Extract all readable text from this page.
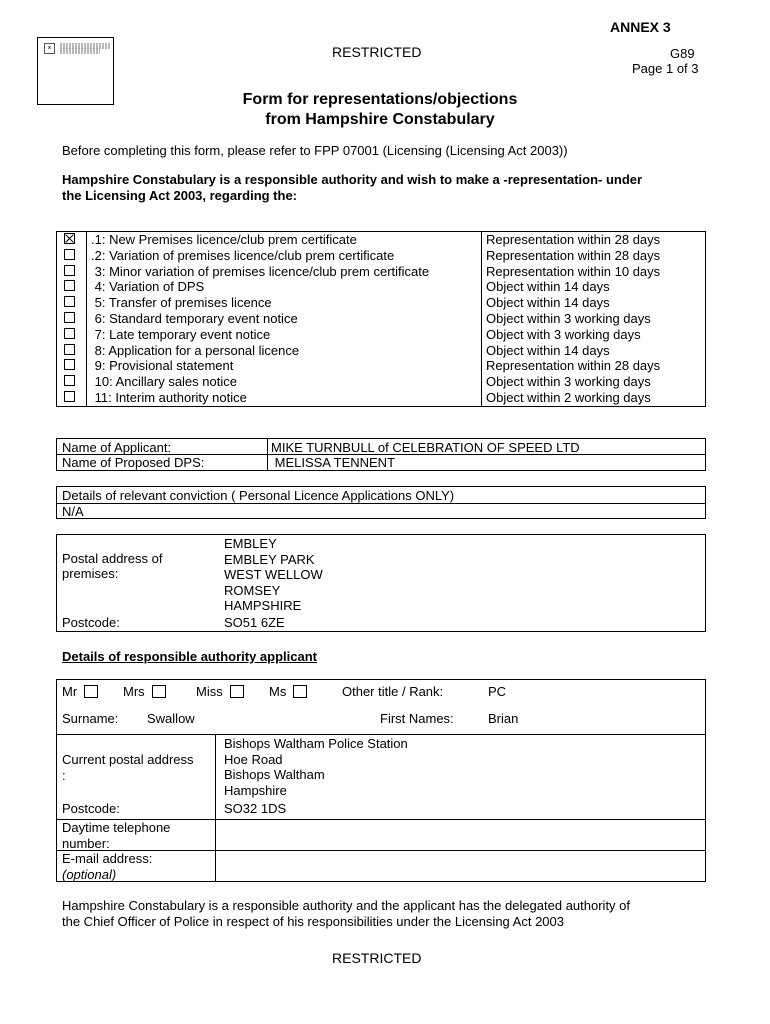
×
ANNEX 3
RESTRICTED	G89
Page 1 of 3
Form for representations/objections
from Hampshire Constabulary
Before completing this form, please refer to FPP 07001 (Licensing (Licensing Act 2003))
Hampshire Constabulary is a responsible authority and wish to make a -representation- under
the Licensing Act 2003, regarding the:
	.1: New Premises licence/club prem certificate	Representation within 28 days
	.2: Variation of premises licence/club prem certificate	Representation within 28 days
	3: Minor variation of premises licence/club prem certificate	Representation within 10 days
	4: Variation of DPS	Object within 14 days
	5: Transfer of premises licence	Object within 14 days
	6: Standard temporary event notice	Object within 3 working days
	7: Late temporary event notice	Object with 3 working days
	8: Application for a personal licence	Object within 14 days
	9: Provisional statement	Representation within 28 days
	10: Ancillary sales notice	Object within 3 working days
	11: Interim authority notice	Object within 2 working days
Name of Applicant:	MIKE TURNBULL of CELEBRATION OF SPEED LTD
Name of Proposed DPS:	MELISSA TENNENT
Details of relevant conviction ( Personal Licence Applications ONLY)
N/A
Postal address of
premises:
EMBLEY
EMBLEY PARK
WEST WELLOW
ROMSEY
HAMPSHIRE
Postcode:	SO51 6ZE
Details of responsible authority applicant
Mr	Mrs	Miss	Ms	Other title / Rank:	PC
Surname: Swallow	First Names:	Brian
Current postal address
:
Bishops Waltham Police Station
Hoe Road
Bishops Waltham
Hampshire
Postcode:	SO32 1DS
Daytime telephone
number:
E-mail address:
(optional)
Hampshire Constabulary is a responsible authority and the applicant has the delegated authority of
the Chief Officer of Police in respect of his responsibilities under the Licensing Act 2003
RESTRICTED
